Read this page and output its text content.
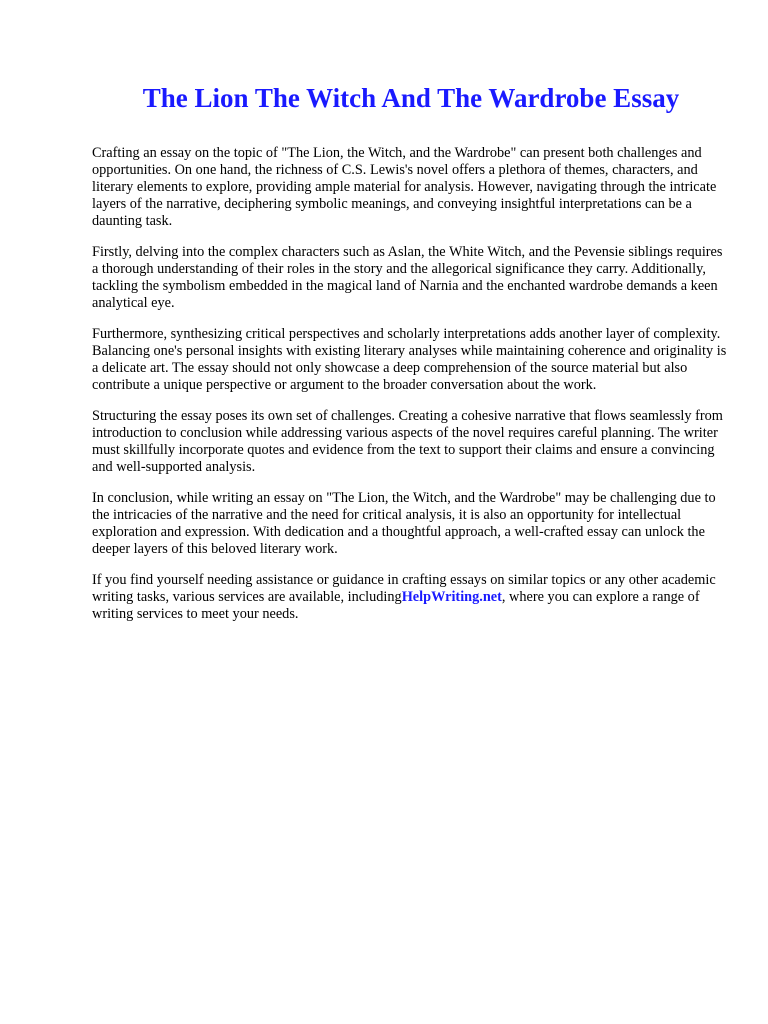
The Lion The Witch And The Wardrobe Essay

Crafting an essay on the topic of "The Lion, the Witch, and the Wardrobe" can present both challenges and opportunities. On one hand, the richness of C.S. Lewis's novel offers a plethora of themes, characters, and literary elements to explore, providing ample material for analysis. However, navigating through the intricate layers of the narrative, deciphering symbolic meanings, and conveying insightful interpretations can be a daunting task.

Firstly, delving into the complex characters such as Aslan, the White Witch, and the Pevensie siblings requires a thorough understanding of their roles in the story and the allegorical significance they carry. Additionally, tackling the symbolism embedded in the magical land of Narnia and the enchanted wardrobe demands a keen analytical eye.

Furthermore, synthesizing critical perspectives and scholarly interpretations adds another layer of complexity. Balancing one's personal insights with existing literary analyses while maintaining coherence and originality is a delicate art. The essay should not only showcase a deep comprehension of the source material but also contribute a unique perspective or argument to the broader conversation about the work.

Structuring the essay poses its own set of challenges. Creating a cohesive narrative that flows seamlessly from introduction to conclusion while addressing various aspects of the novel requires careful planning. The writer must skillfully incorporate quotes and evidence from the text to support their claims and ensure a convincing and well-supported analysis.

In conclusion, while writing an essay on "The Lion, the Witch, and the Wardrobe" may be challenging due to the intricacies of the narrative and the need for critical analysis, it is also an opportunity for intellectual exploration and expression. With dedication and a thoughtful approach, a well-crafted essay can unlock the deeper layers of this beloved literary work.

If you find yourself needing assistance or guidance in crafting essays on similar topics or any other academic writing tasks, various services are available, includingHelpWriting.net, where you can explore a range of writing services to meet your needs.
